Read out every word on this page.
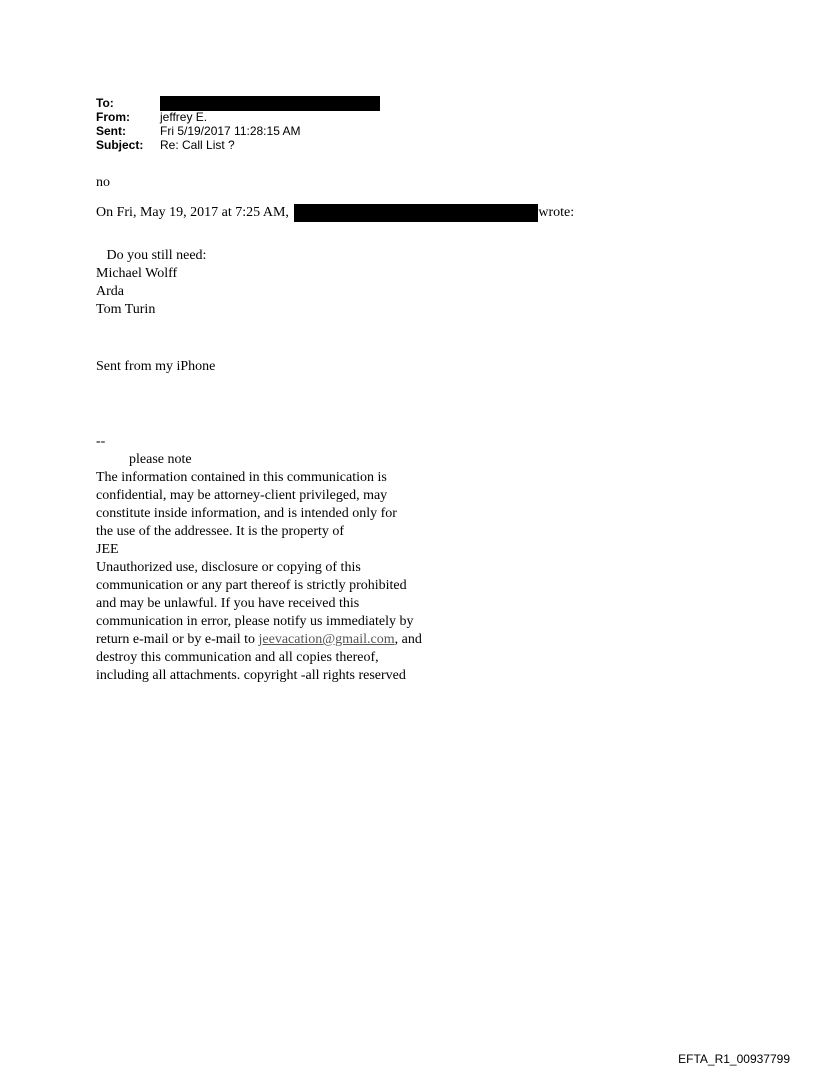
To:
From:	jeffrey E.
Sent:	Fri 5/19/2017 11:28:15 AM
Subject: Re: Call List ?
no
On Fri, May 19, 2017 at 7:25 AM,	wrote:

Do you still need:

Michael Wolff

Arda

Tom Turin

Sent from my iPhone

--

please note

The information contained in this communication is

confidential, may be attorney-client privileged, may

constitute inside information, and is intended only for

the use of the addressee. It is the property of

JEE

Unauthorized use, disclosure or copying of this

communication or any part thereof is strictly prohibited

and may be unlawful. If you have received this

communication in error, please notify us immediately by

return e-mail or by e-mail to jeevacation@gmail.com, and

destroy this communication and all copies thereof,

including all attachments. copyright -all rights reserved

EFTA_R1_00937799
